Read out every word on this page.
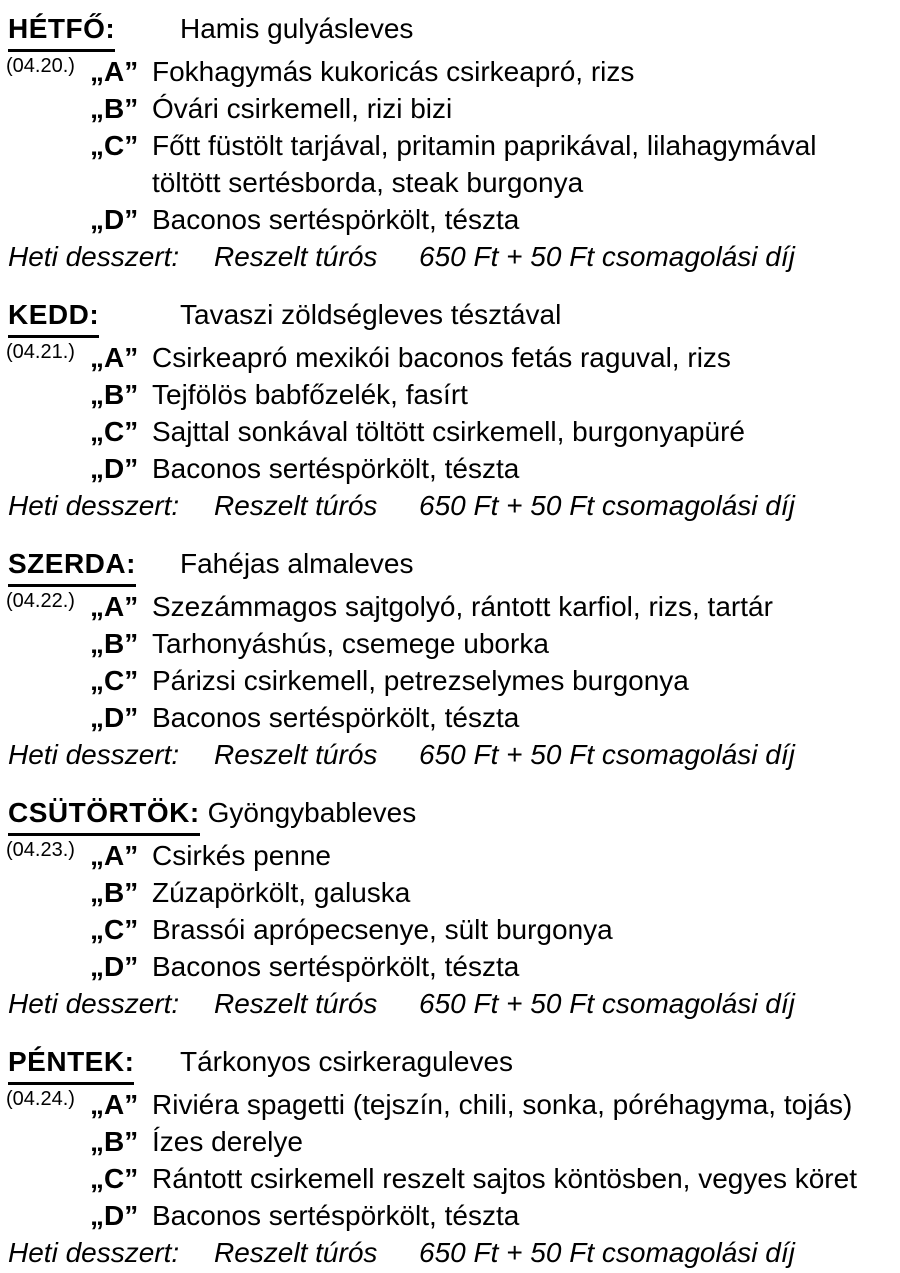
HÉTFŐ: Hamis gulyásleves
(04.20.) „A” Fokhagymás kukoricás csirkeapró, rizs
„B” Óvári csirkemell, rizi bizi
„C” Főtt füstölt tarjával, pritamin paprikával, lilahagymával töltött sertésborda, steak burgonya
„D” Baconos sertéspörkölt, tészta
Heti desszert:	Reszelt túrós	650 Ft + 50 Ft csomagolási díj
KEDD:	Tavaszi zöldségleves tésztával
(04.21.) „A” Csirkeapró mexikói baconos fetás raguval, rizs
„B” Tejfölös babfőzelék, fasírt
„C” Sajttal sonkával töltött csirkemell, burgonyapüré
„D” Baconos sertéspörkölt, tészta
Heti desszert:	Reszelt túrós	650 Ft + 50 Ft csomagolási díj
SZERDA: Fahéjas almaleves
(04.22.) „A” Szezámmagos sajtgolyó, rántott karfiol, rizs, tartár
„B” Tarhonyáshús, csemege uborka
„C” Párizsi csirkemell, petrezselymes burgonya
„D” Baconos sertéspörkölt, tészta
Heti desszert:	Reszelt túrós	650 Ft + 50 Ft csomagolási díj
CSÜTÖRTÖK: Gyöngybableves
(04.23.) „A” Csirkés penne
„B” Zúzapörkölt, galuska
„C” Brassói aprópecsenye, sült burgonya
„D” Baconos sertéspörkölt, tészta
Heti desszert:	Reszelt túrós	650 Ft + 50 Ft csomagolási díj
PÉNTEK: Tárkonyos csirkeraguleves
(04.24.) „A” Riviéra spagetti (tejszín, chili, sonka, póréhagyma, tojás)
„B” Ízes derelye
„C” Rántott csirkemell reszelt sajtos köntösben, vegyes köret
„D” Baconos sertéspörkölt, tészta
Heti desszert:	Reszelt túrós	650 Ft + 50 Ft csomagolási díj
